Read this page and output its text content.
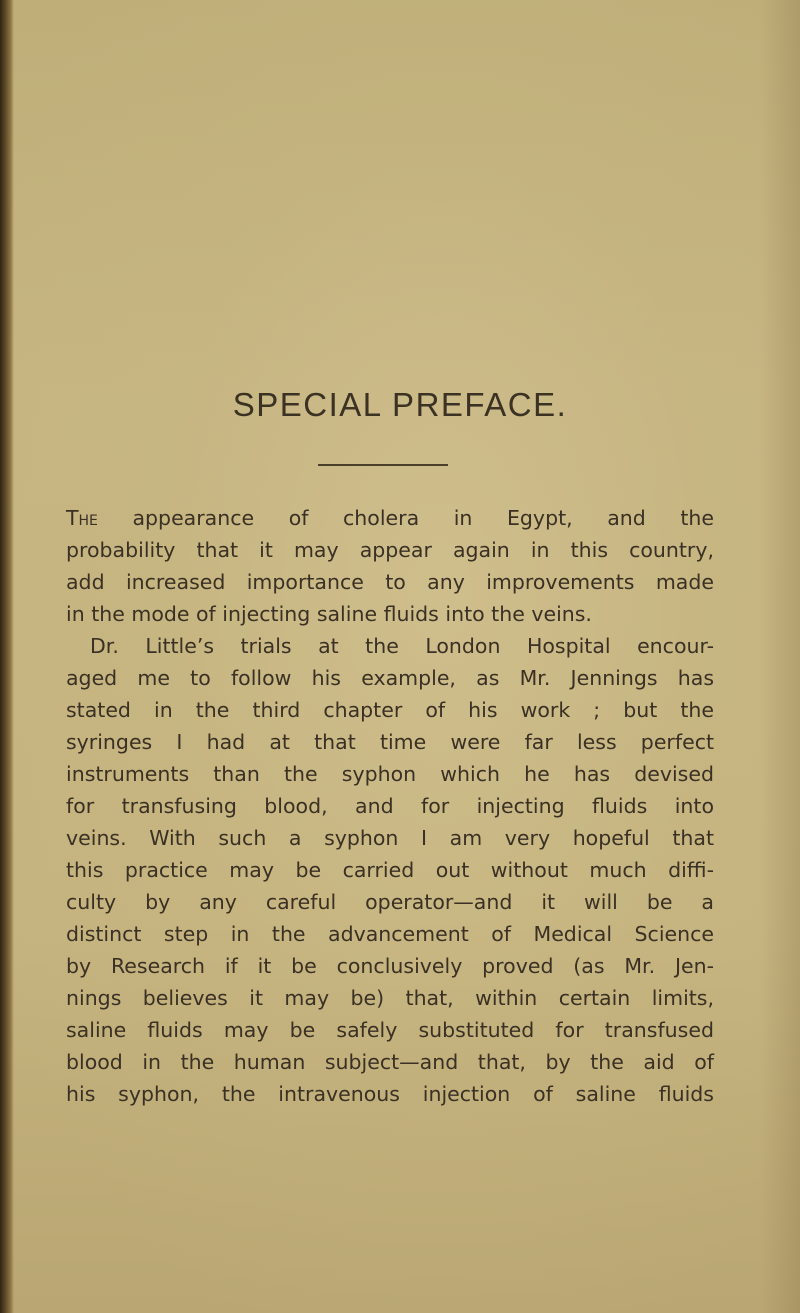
SPECIAL PREFACE.
The appearance of cholera in Egypt, and the
probability that it may appear again in this country,
add increased importance to any improvements made
in the mode of injecting saline fluids into the veins.
Dr. Little’s trials at the London Hospital encour-
aged me to follow his example, as Mr. Jennings has
stated in the third chapter of his work ; but the
syringes I had at that time were far less perfect
instruments than the syphon which he has devised
for transfusing blood, and for injecting fluids into
veins. With such a syphon I am very hopeful that
this practice may be carried out without much diffi-
culty by any careful operator—and it will be a
distinct step in the advancement of Medical Science
by Research if it be conclusively proved (as Mr. Jen-
nings believes it may be) that, within certain limits,
saline fluids may be safely substituted for transfused
blood in the human subject—and that, by the aid of
his syphon, the intravenous injection of saline fluids
